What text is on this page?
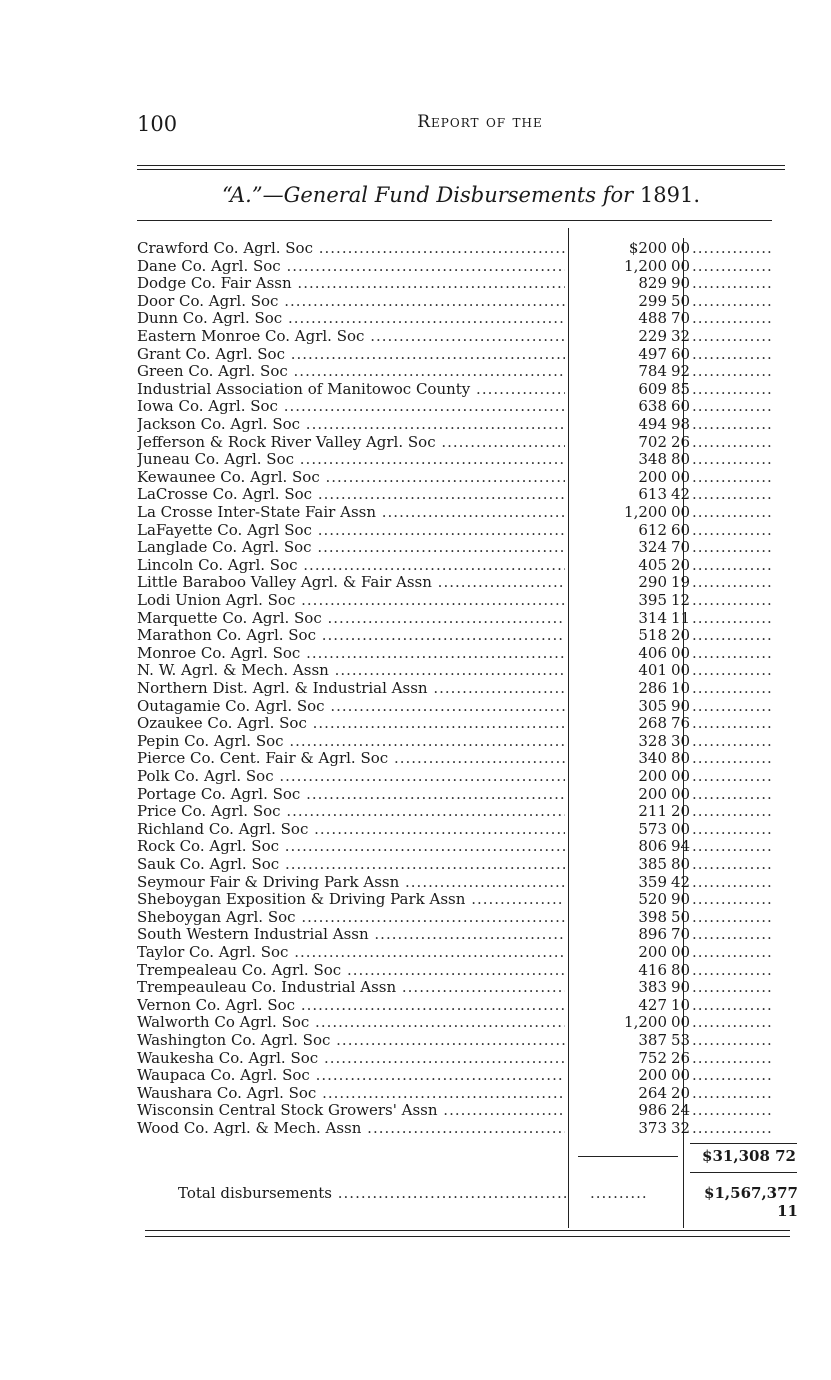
100	Report of the
“A.”—General Fund Disbursements for 1891.
Crawford Co. Agrl. Soc .....	$200 00 ..............
Dane Co. Agrl. Soc .....	1,200 00 ..............
Dodge Co. Fair Assn .....	829 90 ..............
Door Co. Agrl. Soc .....	299 50 ..............
Dunn Co. Agrl. Soc .....	488 70 ..............
Eastern Monroe Co. Agrl. Soc .....	229 32 ..............
Grant Co. Agrl. Soc .....	497 60 ..............
Green Co. Agrl. Soc .....	784 92 ..............
Industrial Association of Manitowoc County .....	609 85 ..............
Iowa Co. Agrl. Soc .....	638 60 ..............
Jackson Co. Agrl. Soc .....	494 98 ..............
Jefferson & Rock River Valley Agrl. Soc .....	702 26 ..............
Juneau Co. Agrl. Soc .....	348 80 ..............
Kewaunee Co. Agrl. Soc .....	200 00 ..............
LaCrosse Co. Agrl. Soc .....	613 42 ..............
La Crosse Inter-State Fair Assn .....	1,200 00 ..............
LaFayette Co. Agrl Soc .....	612 60 ..............
Langlade Co. Agrl. Soc .....	324 70 ..............
Lincoln Co. Agrl. Soc .....	405 20 ..............
Little Baraboo Valley Agrl. & Fair Assn .....	290 19 ..............
Lodi Union Agrl. Soc .....	395 12 ..............
Marquette Co. Agrl. Soc .....	314 11 ..............
Marathon Co. Agrl. Soc .....	518 20 ..............
Monroe Co. Agrl. Soc .....	406 00 ..............
N. W. Agrl. & Mech. Assn .....	401 00 ..............
Northern Dist. Agrl. & Industrial Assn .....	286 10 ..............
Outagamie Co. Agrl. Soc .....	305 90 ..............
Ozaukee Co. Agrl. Soc .....	268 76 ..............
Pepin Co. Agrl. Soc .....	328 30 ..............
Pierce Co. Cent. Fair & Agrl. Soc .....	340 80 ..............
Polk Co. Agrl. Soc .....	200 00 ..............
Portage Co. Agrl. Soc .....	200 00 ..............
Price Co. Agrl. Soc .....	211 20 ..............
Richland Co. Agrl. Soc .....	573 00 ..............
Rock Co. Agrl. Soc .....	806 94 ..............
Sauk Co. Agrl. Soc .....	385 80 ..............
Seymour Fair & Driving Park Assn .....	359 42 ..............
Sheboygan Exposition & Driving Park Assn .....	520 90 ..............
Sheboygan Agrl. Soc .....	398 50 ..............
South Western Industrial Assn .....	896 70 ..............
Taylor Co. Agrl. Soc .....	200 00 ..............
Trempealeau Co. Agrl. Soc .....	416 80 ..............
Trempeauleau Co. Industrial Assn .....	383 90 ..............
Vernon Co. Agrl. Soc .....	427 10 ..............
Walworth Co Agrl. Soc .....	1,200 00 ..............
Washington Co. Agrl. Soc .....	387 53 ..............
Waukesha Co. Agrl. Soc .....	752 26 ..............
Waupaca Co. Agrl. Soc .....	200 00 ..............
Waushara Co. Agrl. Soc .....	264 20 ..............
Wisconsin Central Stock Growers' Assn .....	986 24 ..............
Wood Co. Agrl. & Mech. Assn .....	373 32 ..............
$31,308 72
Total disbursements .....	..........	$1,567,377 11
